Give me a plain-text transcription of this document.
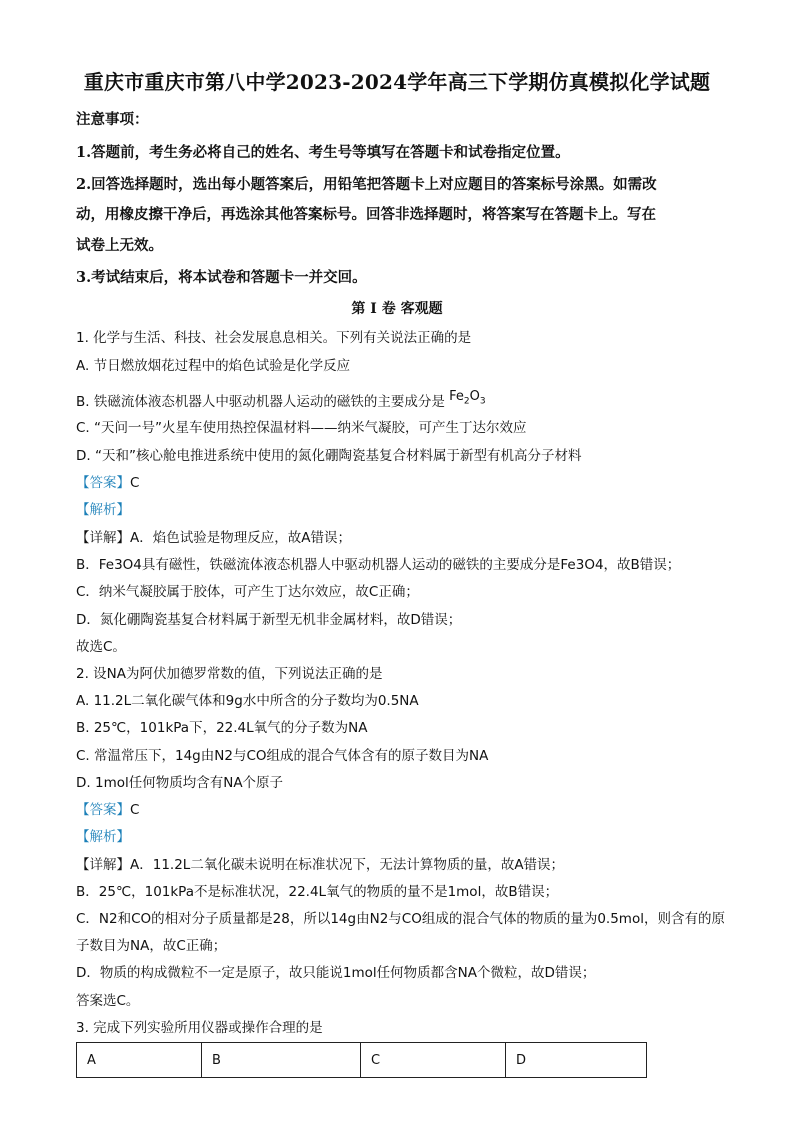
重庆市重庆市第八中学2023-2024学年高三下学期仿真模拟化学试题
注意事项：
1.答题前，考生务必将自己的姓名、考生号等填写在答题卡和试卷指定位置。
2.回答选择题时，选出每小题答案后，用铅笔把答题卡上对应题目的答案标号涂黑。如需改
动，用橡皮擦干净后，再选涂其他答案标号。回答非选择题时，将答案写在答题卡上。写在
试卷上无效。
3.考试结束后，将本试卷和答题卡一并交回。
第 I 卷 客观题
1. 化学与生活、科技、社会发展息息相关。下列有关说法正确的是
A. 节日燃放烟花过程中的焰色试验是化学反应
B. 铁磁流体液态机器人中驱动机器人运动的磁铁的主要成分是 $Fe_2O_3$
C. “天问一号”火星车使用热控保温材料——纳米气凝胶，可产生丁达尔效应
D. “天和”核心舱电推进系统中使用的氮化硼陶瓷基复合材料属于新型有机高分子材料
【答案】C
【解析】
【详解】A．焰色试验是物理反应，故A错误；
B．Fe3O4具有磁性，铁磁流体液态机器人中驱动机器人运动的磁铁的主要成分是Fe3O4，故B错误；
C．纳米气凝胶属于胶体，可产生丁达尔效应，故C正确；
D．氮化硼陶瓷基复合材料属于新型无机非金属材料，故D错误；
故选C。
2. 设NA为阿伏加德罗常数的值，下列说法正确的是
A. 11.2L二氧化碳气体和9g水中所含的分子数均为0.5NA
B. 25℃，101kPa下，22.4L氧气的分子数为NA
C. 常温常压下，14g由N2与CO组成的混合气体含有的原子数目为NA
D. 1mol任何物质均含有NA个原子
【答案】C
【解析】
【详解】A．11.2L二氧化碳未说明在标准状况下，无法计算物质的量，故A错误；
B．25℃，101kPa不是标准状况，22.4L氧气的物质的量不是1mol，故B错误；
C．N2和CO的相对分子质量都是28，所以14g由N2与CO组成的混合气体的物质的量为0.5mol，则含有的原
子数目为NA，故C正确；
D．物质的构成微粒不一定是原子，故只能说1mol任何物质都含NA个微粒，故D错误；
答案选C。
3. 完成下列实验所用仪器或操作合理的是
A	B	C	D
